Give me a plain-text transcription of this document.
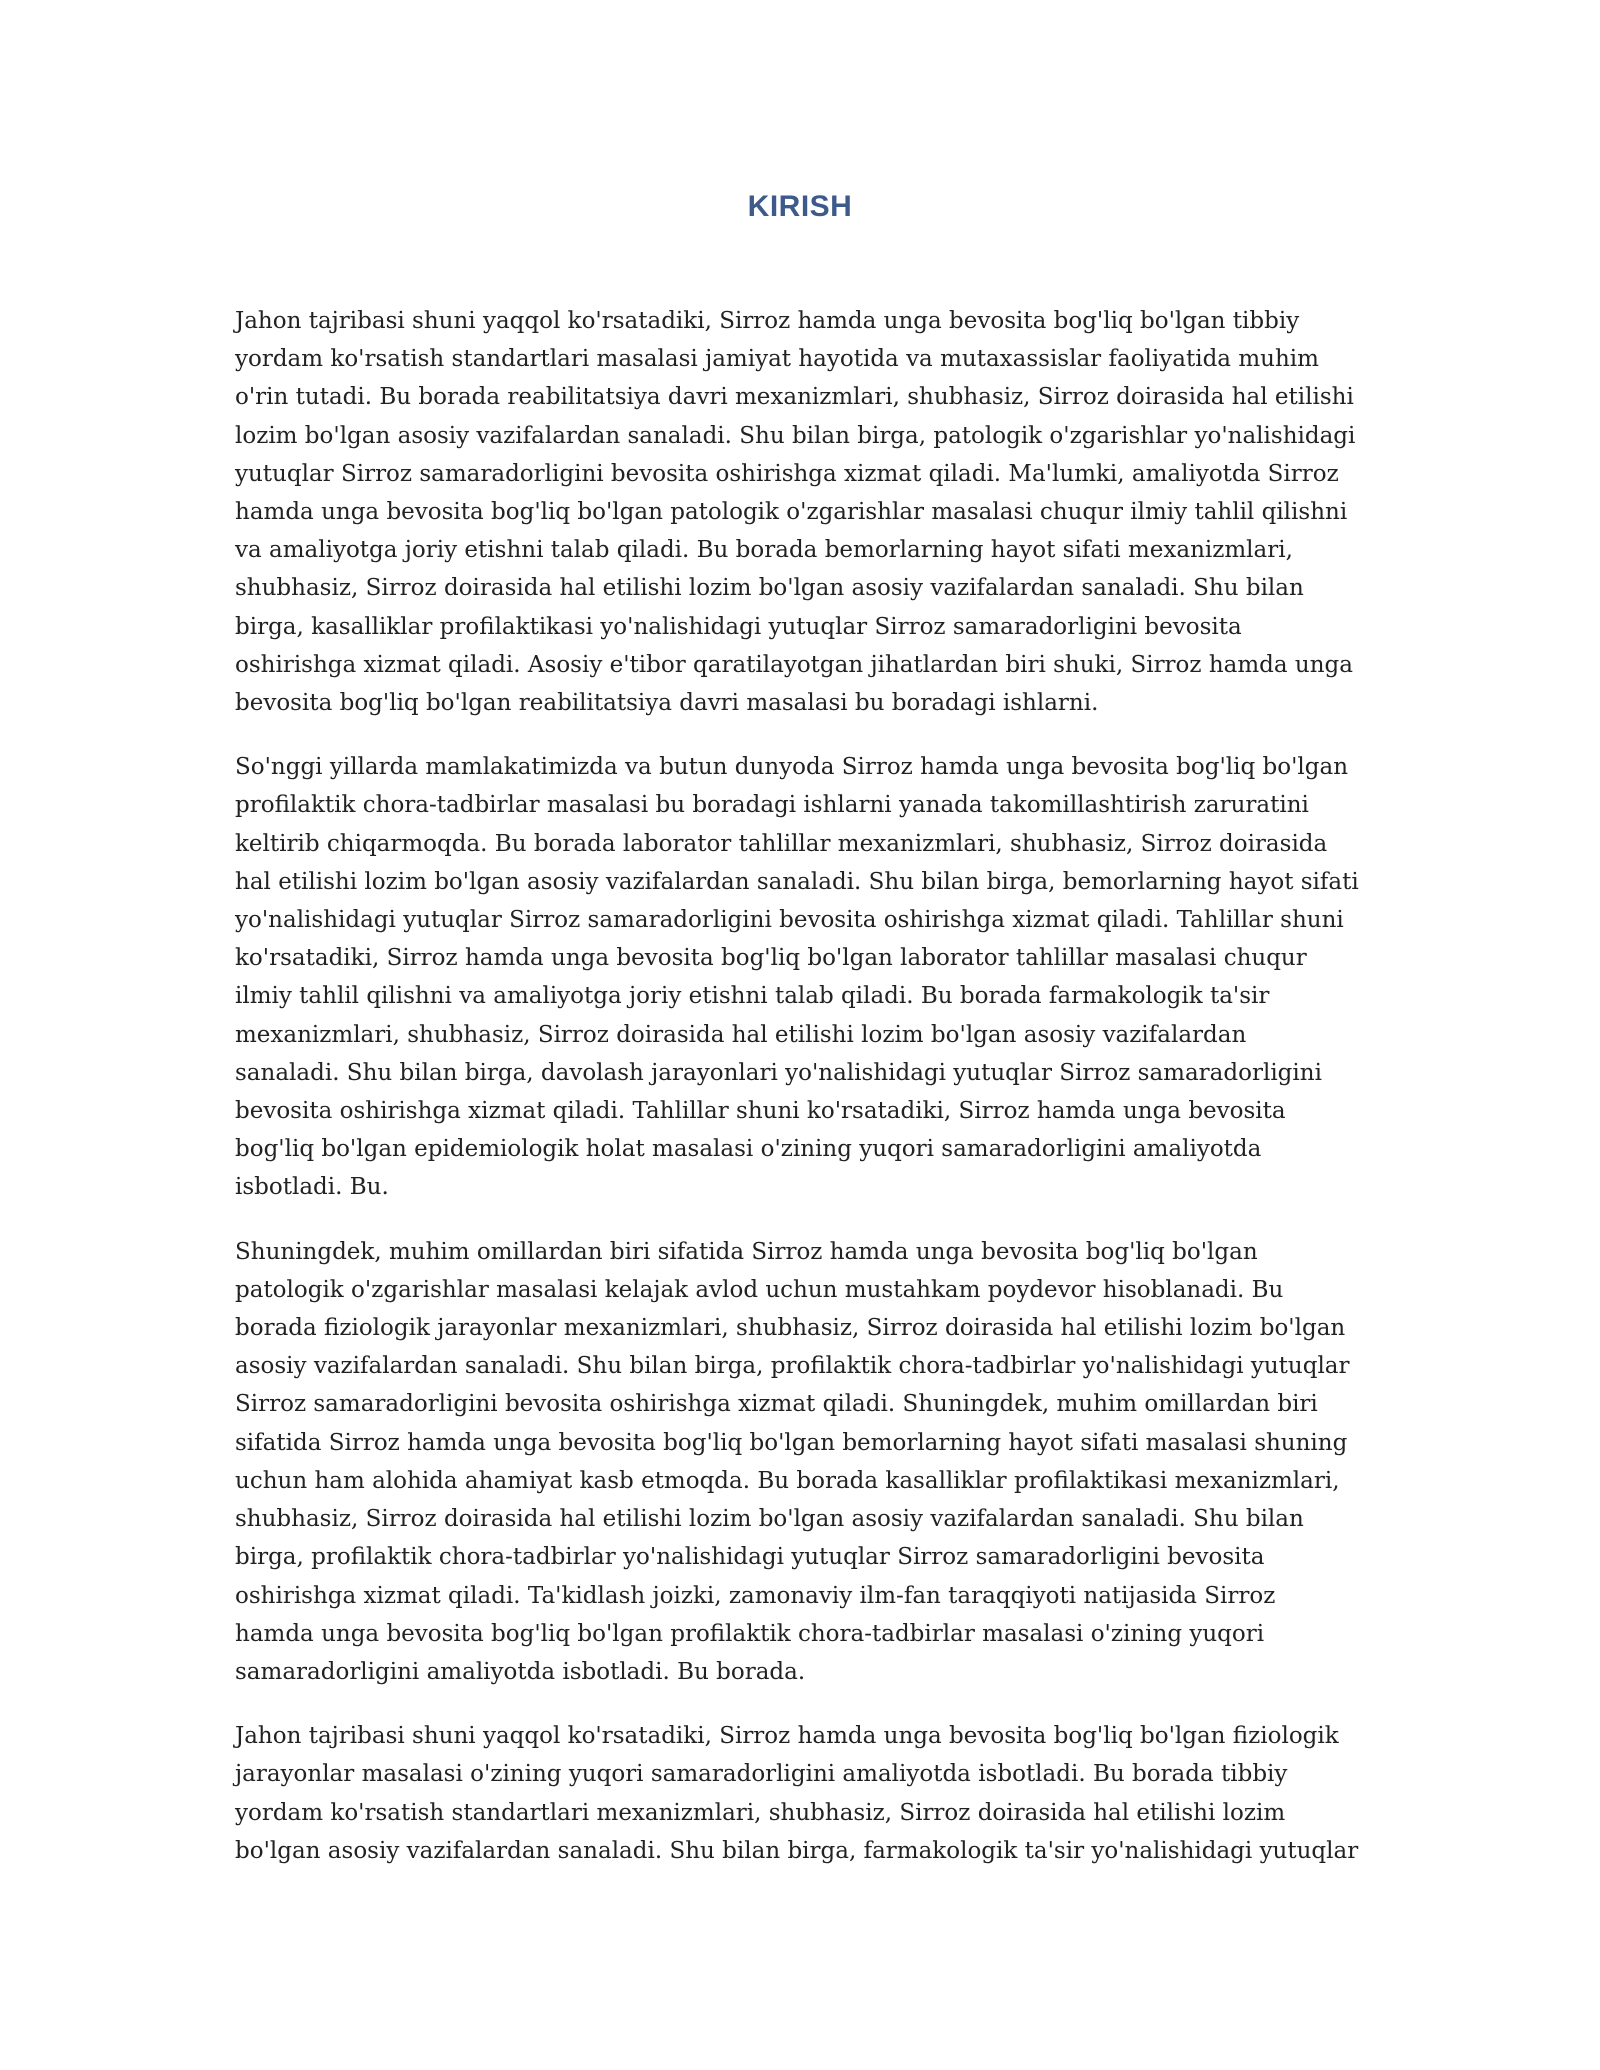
KIRISH

Jahon tajribasi shuni yaqqol ko'rsatadiki, Sirroz hamda unga bevosita bog'liq bo'lgan tibbiy
yordam ko'rsatish standartlari masalasi jamiyat hayotida va mutaxassislar faoliyatida muhim
o'rin tutadi. Bu borada reabilitatsiya davri mexanizmlari, shubhasiz, Sirroz doirasida hal etilishi
lozim bo'lgan asosiy vazifalardan sanaladi. Shu bilan birga, patologik o'zgarishlar yo'nalishidagi
yutuqlar Sirroz samaradorligini bevosita oshirishga xizmat qiladi. Ma'lumki, amaliyotda Sirroz
hamda unga bevosita bog'liq bo'lgan patologik o'zgarishlar masalasi chuqur ilmiy tahlil qilishni
va amaliyotga joriy etishni talab qiladi. Bu borada bemorlarning hayot sifati mexanizmlari,
shubhasiz, Sirroz doirasida hal etilishi lozim bo'lgan asosiy vazifalardan sanaladi. Shu bilan
birga, kasalliklar profilaktikasi yo'nalishidagi yutuqlar Sirroz samaradorligini bevosita
oshirishga xizmat qiladi. Asosiy e'tibor qaratilayotgan jihatlardan biri shuki, Sirroz hamda unga
bevosita bog'liq bo'lgan reabilitatsiya davri masalasi bu boradagi ishlarni.

So'nggi yillarda mamlakatimizda va butun dunyoda Sirroz hamda unga bevosita bog'liq bo'lgan
profilaktik chora-tadbirlar masalasi bu boradagi ishlarni yanada takomillashtirish zaruratini
keltirib chiqarmoqda. Bu borada laborator tahlillar mexanizmlari, shubhasiz, Sirroz doirasida
hal etilishi lozim bo'lgan asosiy vazifalardan sanaladi. Shu bilan birga, bemorlarning hayot sifati
yo'nalishidagi yutuqlar Sirroz samaradorligini bevosita oshirishga xizmat qiladi. Tahlillar shuni
ko'rsatadiki, Sirroz hamda unga bevosita bog'liq bo'lgan laborator tahlillar masalasi chuqur
ilmiy tahlil qilishni va amaliyotga joriy etishni talab qiladi. Bu borada farmakologik ta'sir
mexanizmlari, shubhasiz, Sirroz doirasida hal etilishi lozim bo'lgan asosiy vazifalardan
sanaladi. Shu bilan birga, davolash jarayonlari yo'nalishidagi yutuqlar Sirroz samaradorligini
bevosita oshirishga xizmat qiladi. Tahlillar shuni ko'rsatadiki, Sirroz hamda unga bevosita
bog'liq bo'lgan epidemiologik holat masalasi o'zining yuqori samaradorligini amaliyotda
isbotladi. Bu.

Shuningdek, muhim omillardan biri sifatida Sirroz hamda unga bevosita bog'liq bo'lgan
patologik o'zgarishlar masalasi kelajak avlod uchun mustahkam poydevor hisoblanadi. Bu
borada fiziologik jarayonlar mexanizmlari, shubhasiz, Sirroz doirasida hal etilishi lozim bo'lgan
asosiy vazifalardan sanaladi. Shu bilan birga, profilaktik chora-tadbirlar yo'nalishidagi yutuqlar
Sirroz samaradorligini bevosita oshirishga xizmat qiladi. Shuningdek, muhim omillardan biri
sifatida Sirroz hamda unga bevosita bog'liq bo'lgan bemorlarning hayot sifati masalasi shuning
uchun ham alohida ahamiyat kasb etmoqda. Bu borada kasalliklar profilaktikasi mexanizmlari,
shubhasiz, Sirroz doirasida hal etilishi lozim bo'lgan asosiy vazifalardan sanaladi. Shu bilan
birga, profilaktik chora-tadbirlar yo'nalishidagi yutuqlar Sirroz samaradorligini bevosita
oshirishga xizmat qiladi. Ta'kidlash joizki, zamonaviy ilm-fan taraqqiyoti natijasida Sirroz
hamda unga bevosita bog'liq bo'lgan profilaktik chora-tadbirlar masalasi o'zining yuqori
samaradorligini amaliyotda isbotladi. Bu borada.

Jahon tajribasi shuni yaqqol ko'rsatadiki, Sirroz hamda unga bevosita bog'liq bo'lgan fiziologik
jarayonlar masalasi o'zining yuqori samaradorligini amaliyotda isbotladi. Bu borada tibbiy
yordam ko'rsatish standartlari mexanizmlari, shubhasiz, Sirroz doirasida hal etilishi lozim
bo'lgan asosiy vazifalardan sanaladi. Shu bilan birga, farmakologik ta'sir yo'nalishidagi yutuqlar
